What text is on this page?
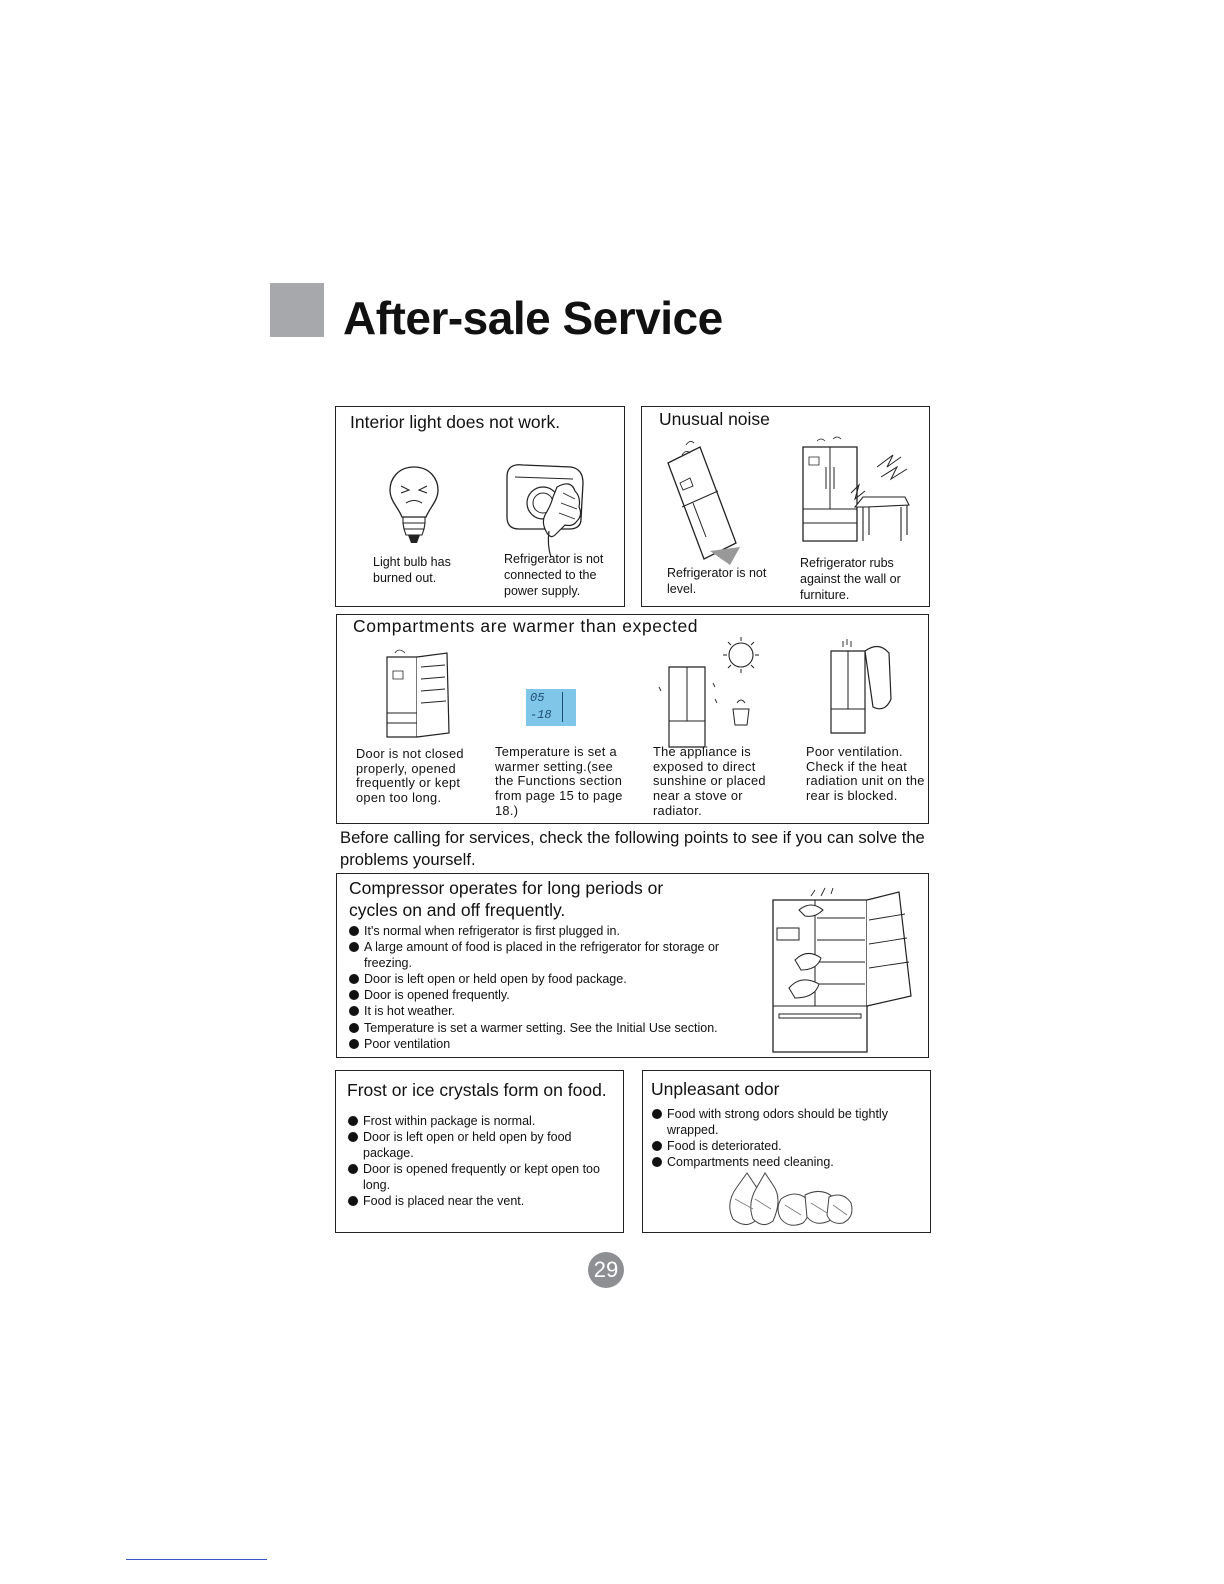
After-sale Service
Interior light does not work.
Light bulb has burned out.
Refrigerator is not connected to the power supply.
Unusual noise
Refrigerator is not level.
Refrigerator rubs against the wall or furniture.
Compartments are warmer than expected
05
-18
Door is not closed properly, opened frequently or kept open too long.
Temperature is set a warmer setting.(see the Functions section from page 15 to page 18.)
The appliance is exposed to direct sunshine or placed near a stove or radiator.
Poor ventilation. Check if the heat radiation unit on the rear is blocked.
Before calling for services, check the following points to see if you can solve the problems yourself.
Compressor operates for long periods or
cycles on and off frequently.
It's normal when refrigerator is first plugged in.
A large amount of food is placed in the refrigerator for storage or freezing.
Door is left open or held open by food package.
Door is opened frequently.
It is hot weather.
Temperature is set a warmer setting. See the Initial Use section.
Poor ventilation
Frost or ice crystals form on food.
Frost within package is normal.
Door is left open or held open by food package.
Door is opened frequently or kept open too long.
Food is placed near the vent.
Unpleasant odor
Food with strong odors should be tightly wrapped.
Food is deteriorated.
Compartments need cleaning.
29
